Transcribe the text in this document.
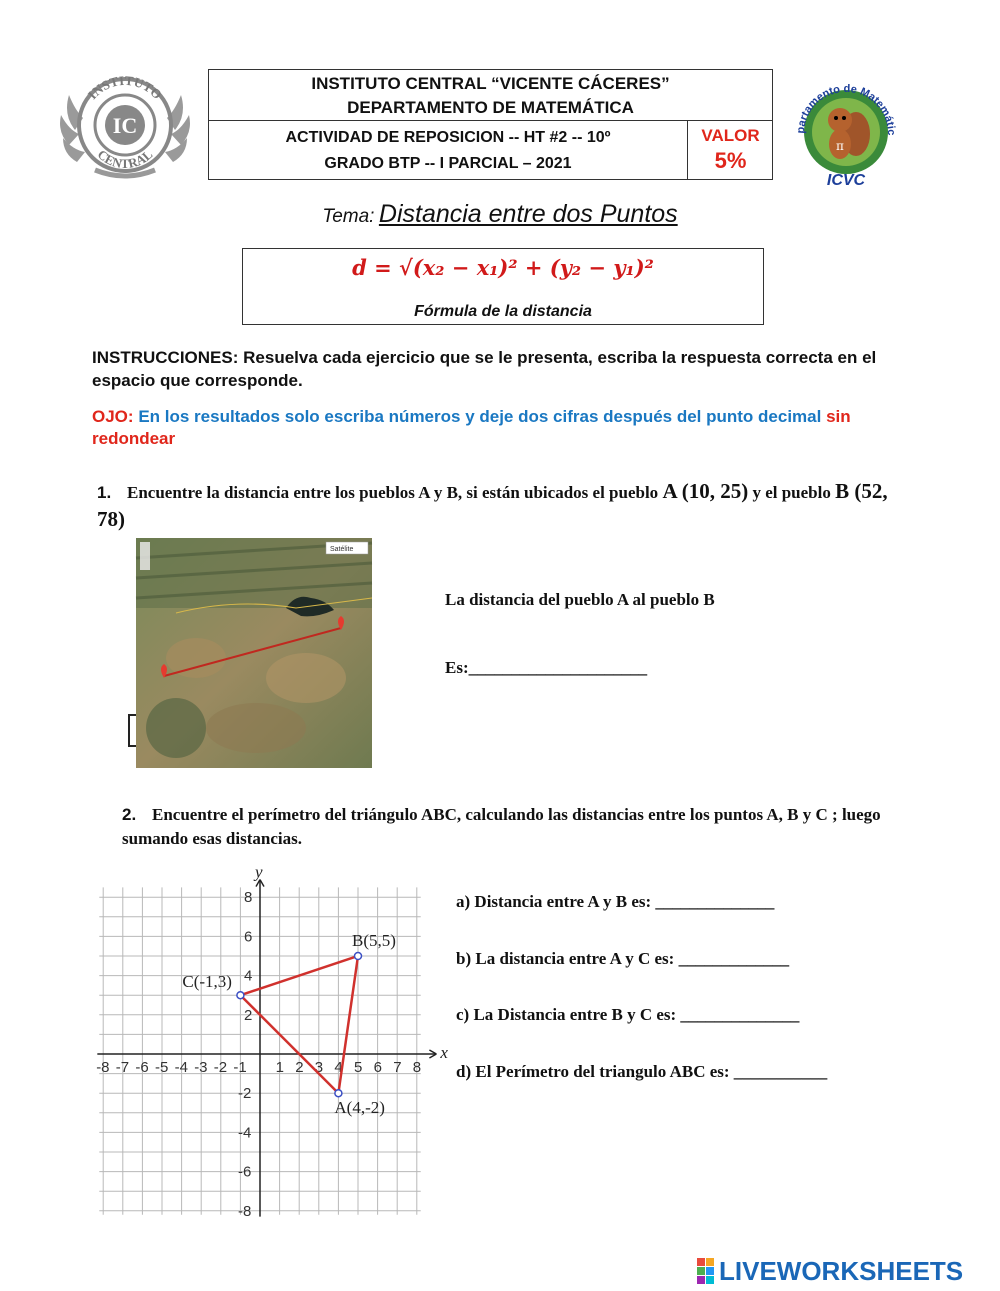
IC
INSTITUTO
CENTRAL
INSTITUTO CENTRAL “VICENTE CÁCERES”
DEPARTAMENTO DE MATEMÁTICA
ACTIVIDAD DE REPOSICION -- HT #2 -- 10º
GRADO BTP -- I PARCIAL – 2021
VALOR
5%
π
partamento de Matemátic
ICVC
Tema: Distancia entre dos Puntos
d = √(x₂ − x₁)² + (y₂ − y₁)²
Fórmula de la distancia
INSTRUCCIONES: Resuelva cada ejercicio que se le presenta, escriba la respuesta correcta en el espacio que corresponde.
OJO: En los resultados solo escriba números y deje dos cifras después del punto decimal sin redondear
1. Encuentre la distancia entre los pueblos A y B, si están ubicados el pueblo A (10, 25) y el pueblo B (52, 78)
Satélite
La distancia del pueblo A al pueblo B
Es:_____________________
2. Encuentre el perímetro del triángulo ABC, calculando las distancias entre los puntos A, B y C ; luego sumando esas distancias.
x
y
-8 -7 -6 -5 -4 -3 -2 -1 1 2 3 4 5 6 7 8
8
6
4
2
-2
-4
-6
-8
A(4,-2)
B(5,5)
C(-1,3)
a) Distancia entre A y B es: ______________
b) La distancia entre A y C es: _____________
c) La Distancia entre B y C es: ______________
d) El Perímetro del triangulo ABC es: ___________
LIVEWORKSHEETS
